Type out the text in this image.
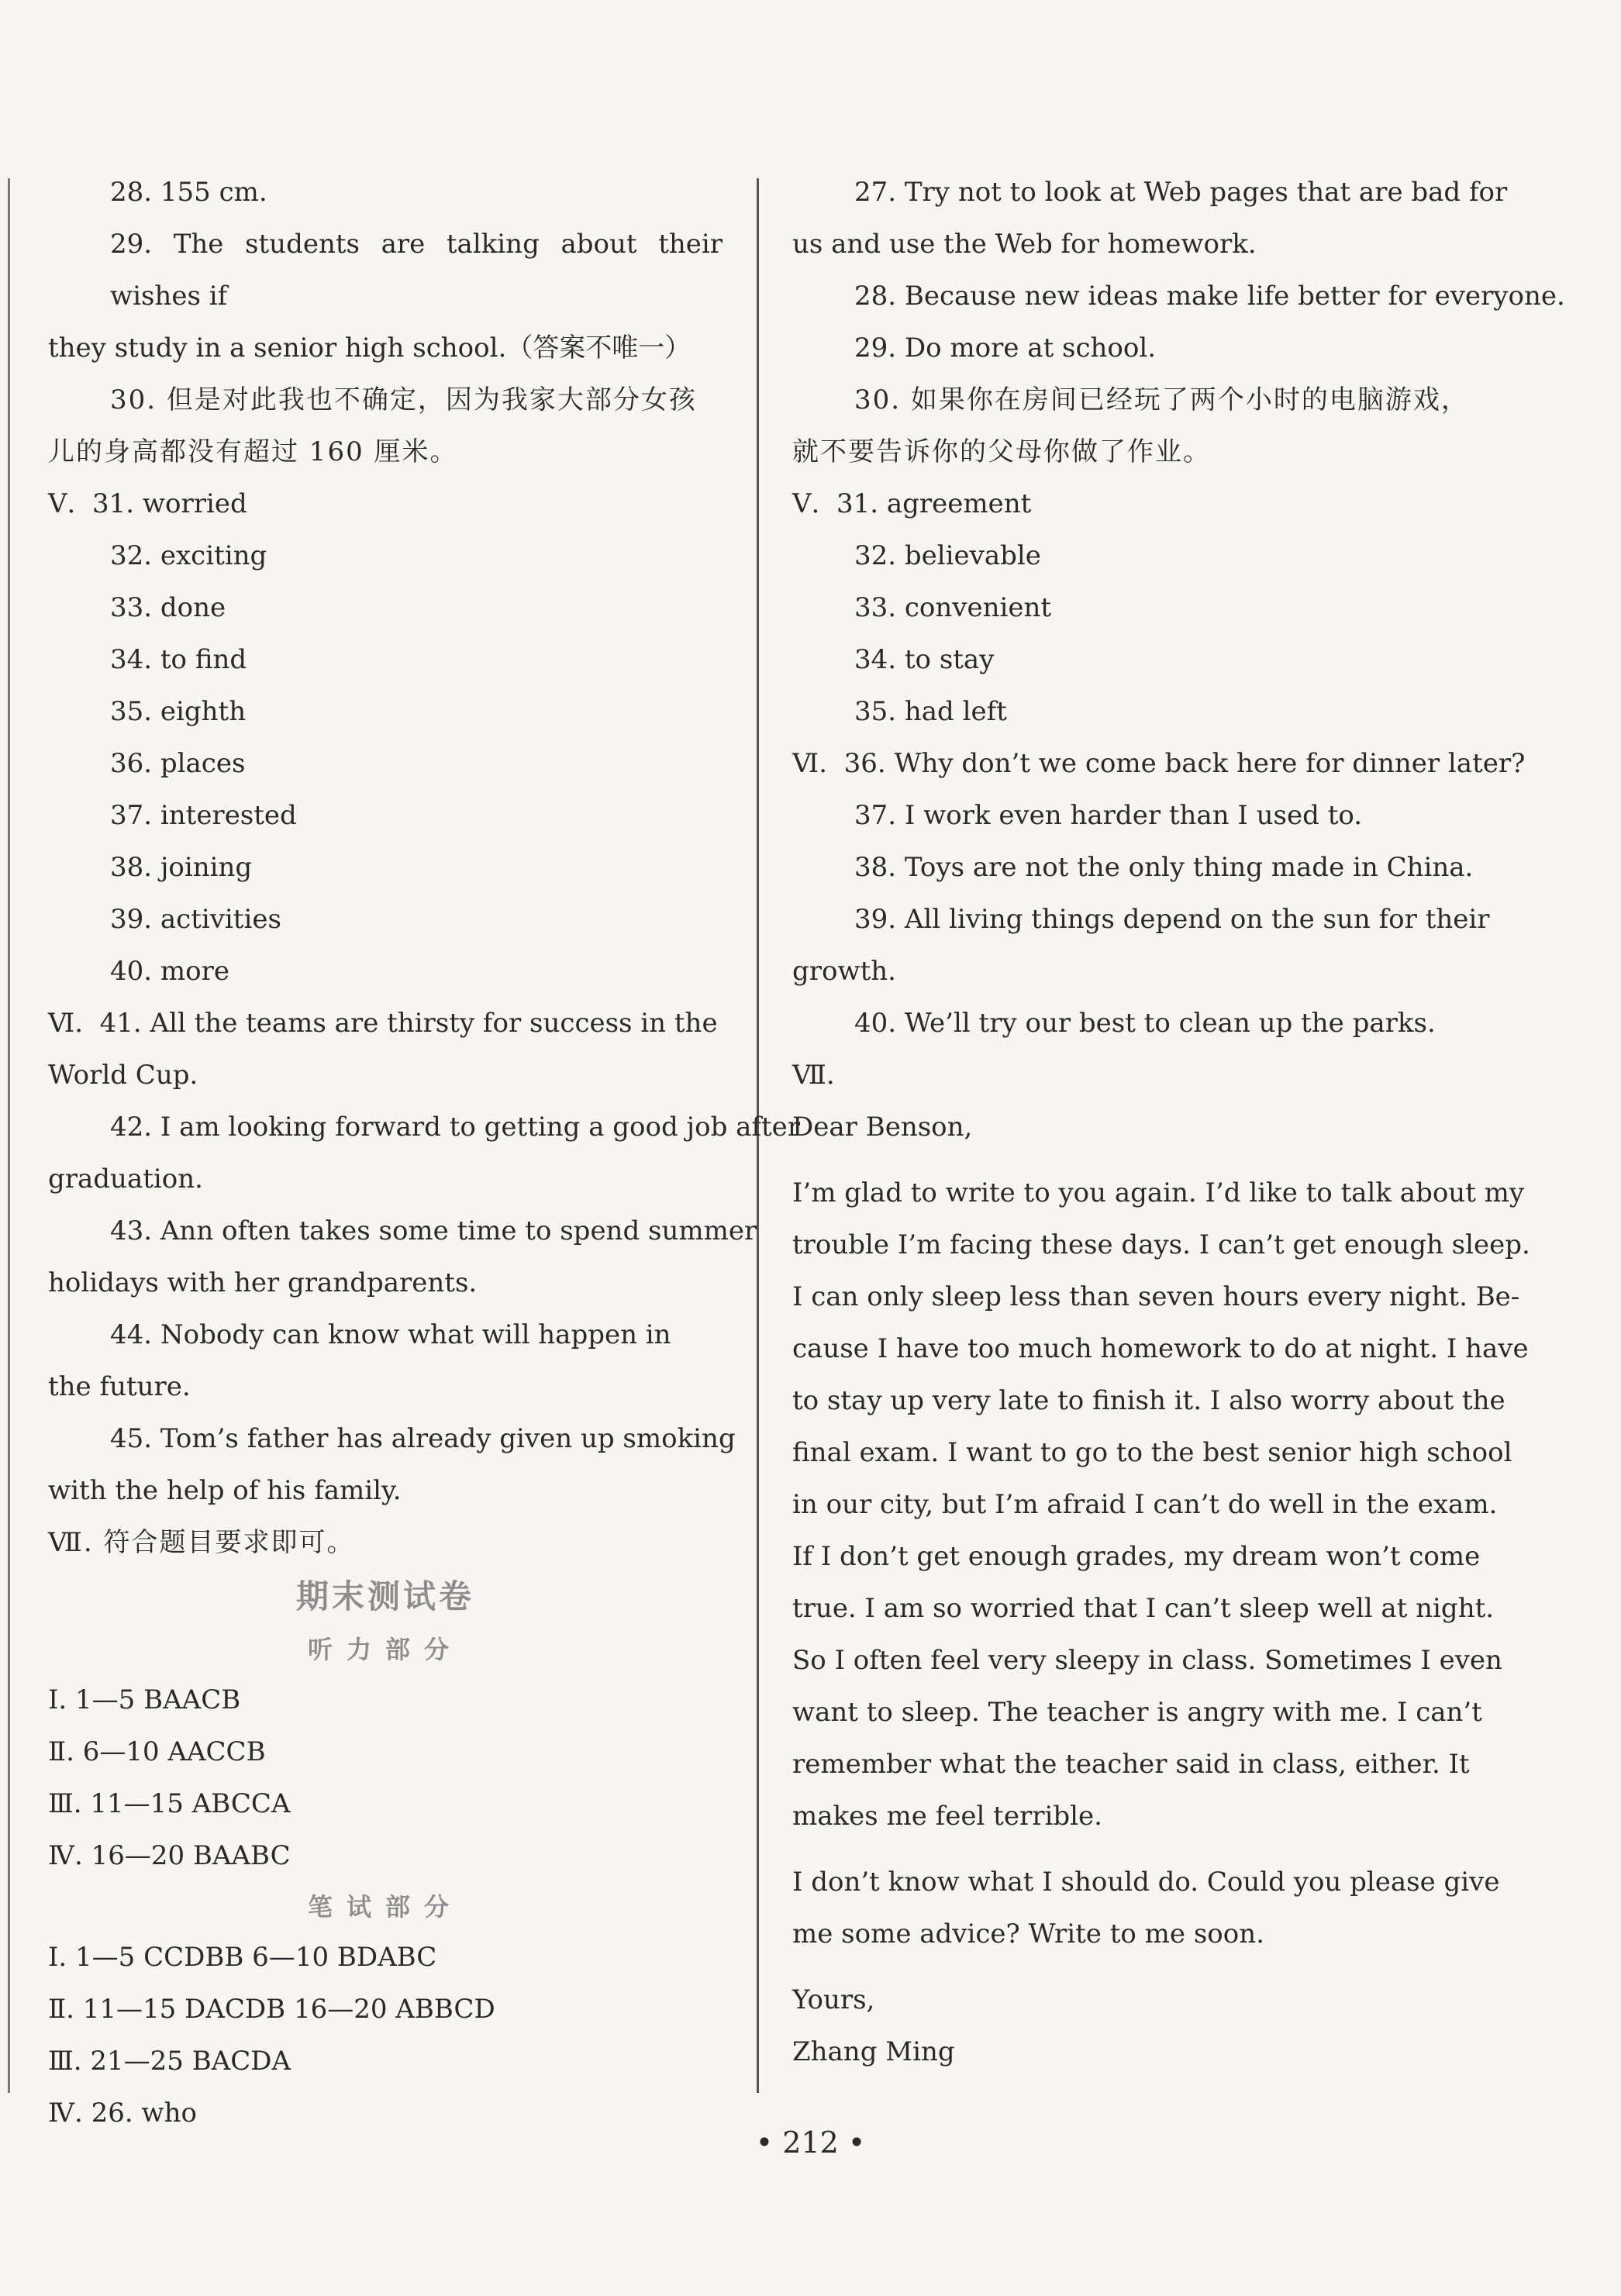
28. 155 cm.

29. The students are talking about their wishes if

they study in a senior high school.（答案不唯一）

30. 但是对此我也不确定，因为我家大部分女孩

儿的身高都没有超过 160 厘米。

Ⅴ. 31. worried

32. exciting

33. done

34. to find

35. eighth

36. places

37. interested

38. joining

39. activities

40. more

Ⅵ. 41. All the teams are thirsty for success in the

World Cup.

42. I am looking forward to getting a good job after

graduation.

43. Ann often takes some time to spend summer

holidays with her grandparents.

44. Nobody can know what will happen in

the future.

45. Tom’s father has already given up smoking

with the help of his family.

Ⅶ. 符合题目要求即可。

期末测试卷

听力部分

Ⅰ. 1—5 BAACB

Ⅱ. 6—10 AACCB

Ⅲ. 11—15 ABCCA

Ⅳ. 16—20 BAABC

笔试部分

Ⅰ. 1—5 CCDBB 6—10 BDABC

Ⅱ. 11—15 DACDB 16—20 ABBCD

Ⅲ. 21—25 BACDA

Ⅳ. 26. who

27. Try not to look at Web pages that are bad for

us and use the Web for homework.

28. Because new ideas make life better for everyone.

29. Do more at school.

30. 如果你在房间已经玩了两个小时的电脑游戏，

就不要告诉你的父母你做了作业。

Ⅴ. 31. agreement

32. believable

33. convenient

34. to stay

35. had left

Ⅵ. 36. Why don’t we come back here for dinner later?

37. I work even harder than I used to.

38. Toys are not the only thing made in China.

39. All living things depend on the sun for their

growth.

40. We’ll try our best to clean up the parks.

Ⅶ.

Dear Benson,

I’m glad to write to you again. I’d like to talk about my

trouble I’m facing these days. I can’t get enough sleep.

I can only sleep less than seven hours every night. Be-

cause I have too much homework to do at night. I have

to stay up very late to finish it. I also worry about the

final exam. I want to go to the best senior high school

in our city, but I’m afraid I can’t do well in the exam.

If I don’t get enough grades, my dream won’t come

true. I am so worried that I can’t sleep well at night.

So I often feel very sleepy in class. Sometimes I even

want to sleep. The teacher is angry with me. I can’t

remember what the teacher said in class, either. It

makes me feel terrible.

I don’t know what I should do. Could you please give

me some advice? Write to me soon.

Yours,

Zhang Ming

• 212 •
